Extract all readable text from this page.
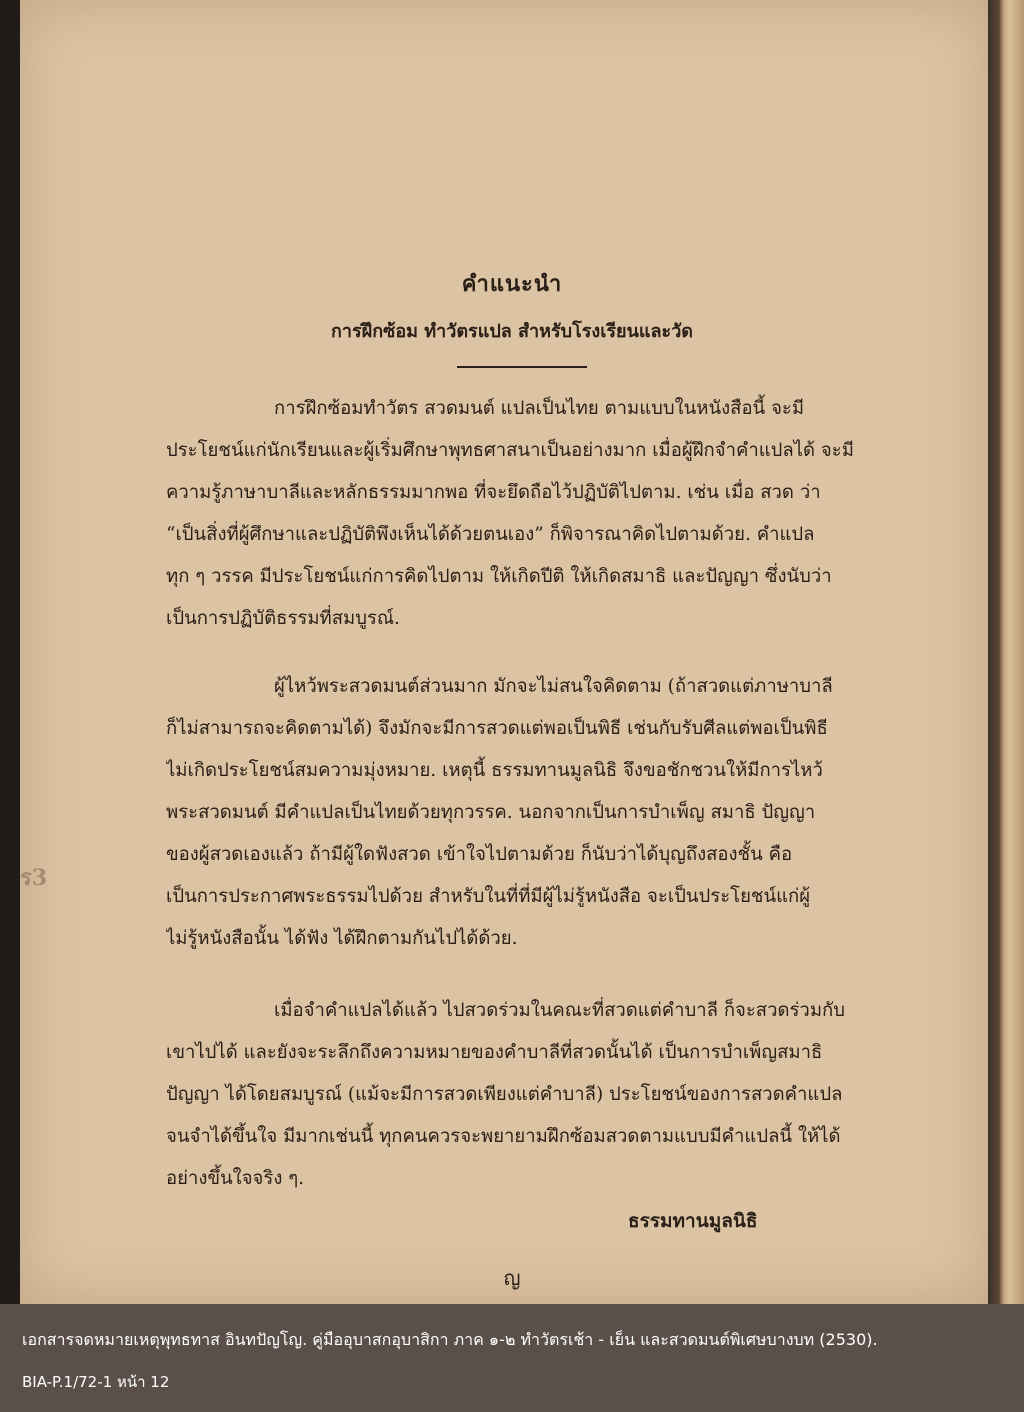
ร3
คำแนะนำ
การฝึกซ้อม ทำวัตรแปล สำหรับโรงเรียนและวัด
การฝึกซ้อมทำวัตร สวดมนต์ แปลเป็นไทย ตามแบบในหนังสือนี้ จะมี
ประโยชน์แก่นักเรียนและผู้เริ่มศึกษาพุทธศาสนาเป็นอย่างมาก เมื่อผู้ฝึกจำคำแปลได้ จะมี
ความรู้ภาษาบาลีและหลักธรรมมากพอ ที่จะยึดถือไว้ปฏิบัติไปตาม. เช่น เมื่อ สวด ว่า
“เป็นสิ่งที่ผู้ศึกษาและปฏิบัติพึงเห็นได้ด้วยตนเอง” ก็พิจารณาคิดไปตามด้วย. คำแปล
ทุก ๆ วรรค มีประโยชน์แก่การคิดไปตาม ให้เกิดปีติ ให้เกิดสมาธิ และปัญญา ซึ่งนับว่า
เป็นการปฏิบัติธรรมที่สมบูรณ์.
ผู้ไหว้พระสวดมนต์ส่วนมาก มักจะไม่สนใจคิดตาม (ถ้าสวดแต่ภาษาบาลี
ก็ไม่สามารถจะคิดตามได้) จึงมักจะมีการสวดแต่พอเป็นพิธี เช่นกับรับศีลแต่พอเป็นพิธี
ไม่เกิดประโยชน์สมความมุ่งหมาย. เหตุนี้ ธรรมทานมูลนิธิ จึงขอชักชวนให้มีการไหว้
พระสวดมนต์ มีคำแปลเป็นไทยด้วยทุกวรรค. นอกจากเป็นการบำเพ็ญ สมาธิ ปัญญา
ของผู้สวดเองแล้ว ถ้ามีผู้ใดฟังสวด เข้าใจไปตามด้วย ก็นับว่าได้บุญถึงสองชั้น คือ
เป็นการประกาศพระธรรมไปด้วย สำหรับในที่ที่มีผู้ไม่รู้หนังสือ จะเป็นประโยชน์แก่ผู้
ไม่รู้หนังสือนั้น ได้ฟัง ได้ฝึกตามกันไปได้ด้วย.
เมื่อจำคำแปลได้แล้ว ไปสวดร่วมในคณะที่สวดแต่คำบาลี ก็จะสวดร่วมกับ
เขาไปได้ และยังจะระลึกถึงความหมายของคำบาลีที่สวดนั้นได้ เป็นการบำเพ็ญสมาธิ
ปัญญา ได้โดยสมบูรณ์ (แม้จะมีการสวดเพียงแต่คำบาลี) ประโยชน์ของการสวดคำแปล
จนจำได้ขึ้นใจ มีมากเช่นนี้ ทุกคนควรจะพยายามฝึกซ้อมสวดตามแบบมีคำแปลนี้ ให้ได้
อย่างขึ้นใจจริง ๆ.
ธรรมทานมูลนิธิ
ญ
เอกสารจดหมายเหตุพุทธทาส อินทปัญโญ. คู่มืออุบาสกอุบาสิกา ภาค ๑-๒ ทำวัตรเช้า - เย็น และสวดมนต์พิเศษบางบท (2530).
BIA-P.1/72-1 หน้า 12
